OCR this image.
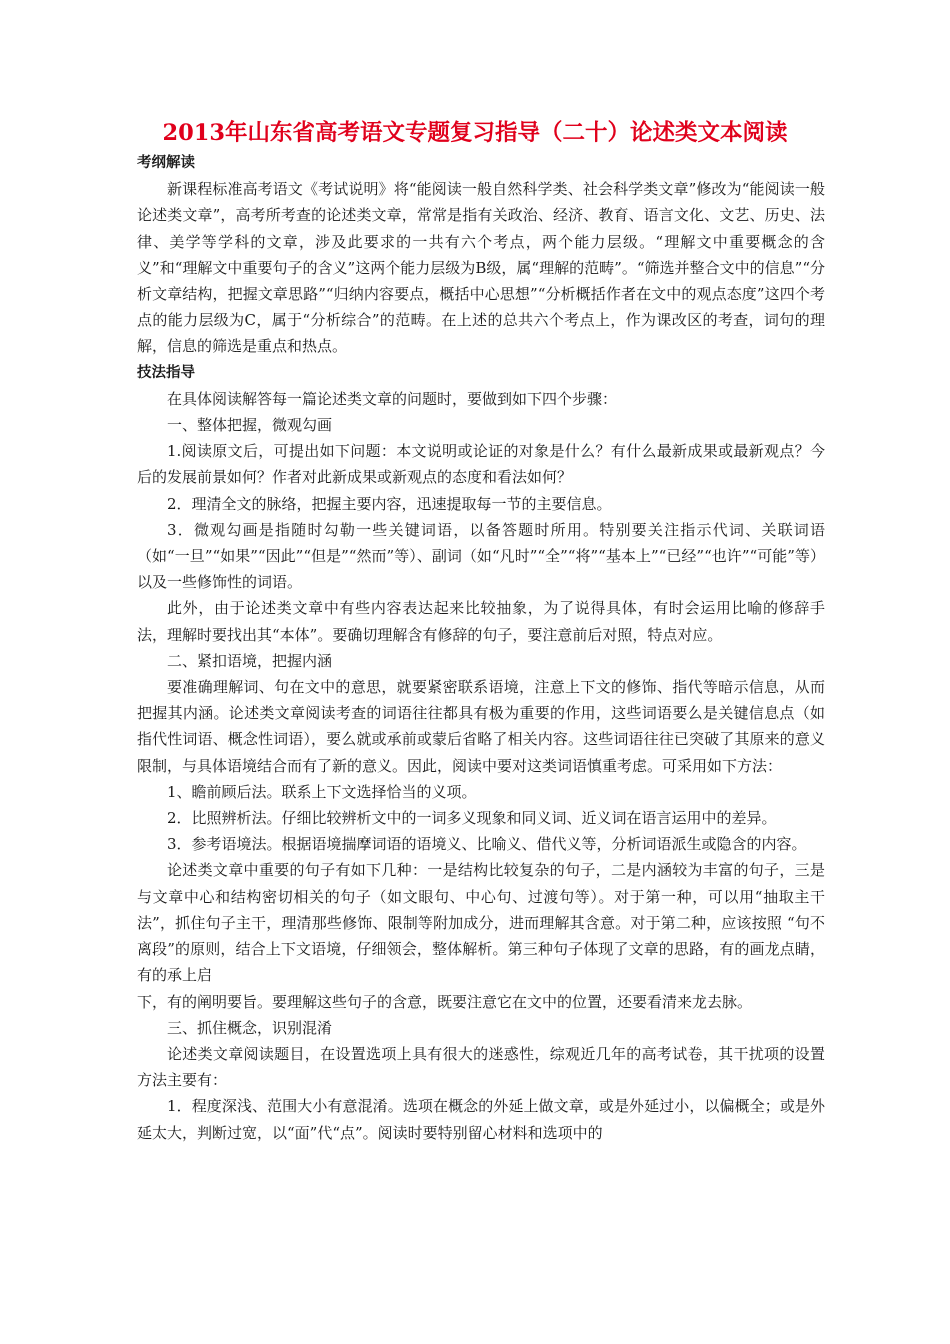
2013年山东省高考语文专题复习指导（二十）论述类文本阅读

考纲解读

新课程标准高考语文《考试说明》将“能阅读一般自然科学类、社会科学类文章”修改为“能阅读一般论述类文章”，高考所考查的论述类文章，常常是指有关政治、经济、教育、语言文化、文艺、历史、法律、美学等学科的文章，涉及此要求的一共有六个考点，两个能力层级。“理解文中重要概念的含义”和“理解文中重要句子的含义”这两个能力层级为B级，属“理解的范畴”。“筛选并整合文中的信息”“分析文章结构，把握文章思路”“归纳内容要点，概括中心思想”“分析概括作者在文中的观点态度”这四个考点的能力层级为C，属于“分析综合”的范畴。在上述的总共六个考点上，作为课改区的考查，词句的理解，信息的筛选是重点和热点。

技法指导

在具体阅读解答每一篇论述类文章的问题时，要做到如下四个步骤：

一、整体把握，微观勾画

1.阅读原文后，可提出如下问题：本文说明或论证的对象是什么？有什么最新成果或最新观点？今后的发展前景如何？作者对此新成果或新观点的态度和看法如何？

2．理清全文的脉络，把握主要内容，迅速提取每一节的主要信息。

3．微观勾画是指随时勾勒一些关键词语，以备答题时所用。特别要关注指示代词、关联词语（如“一旦”“如果”“因此”“但是”“然而”等）、副词（如“凡时”“全”“将”“基本上”“已经”“也许”“可能”等）以及一些修饰性的词语。

此外，由于论述类文章中有些内容表达起来比较抽象，为了说得具体，有时会运用比喻的修辞手法，理解时要找出其“本体”。要确切理解含有修辞的句子，要注意前后对照，特点对应。

二、紧扣语境，把握内涵

要准确理解词、句在文中的意思，就要紧密联系语境，注意上下文的修饰、指代等暗示信息，从而把握其内涵。论述类文章阅读考查的词语往往都具有极为重要的作用，这些词语要么是关键信息点（如指代性词语、概念性词语），要么就或承前或蒙后省略了相关内容。这些词语往往已突破了其原来的意义限制，与具体语境结合而有了新的意义。因此，阅读中要对这类词语慎重考虑。可采用如下方法：

1、瞻前顾后法。联系上下文选择恰当的义项。

2．比照辨析法。仔细比较辨析文中的一词多义现象和同义词、近义词在语言运用中的差异。

3．参考语境法。根据语境揣摩词语的语境义、比喻义、借代义等，分析词语派生或隐含的内容。

论述类文章中重要的句子有如下几种：一是结构比较复杂的句子，二是内涵较为丰富的句子，三是与文章中心和结构密切相关的句子（如文眼句、中心句、过渡句等）。对于第一种，可以用“抽取主干法”，抓住句子主干，理清那些修饰、限制等附加成分，进而理解其含意。对于第二种，应该按照 “句不离段”的原则，结合上下文语境，仔细领会，整体解析。第三种句子体现了文章的思路，有的画龙点睛，有的承上启

下，有的阐明要旨。要理解这些句子的含意，既要注意它在文中的位置，还要看清来龙去脉。

三、抓住概念，识别混淆

论述类文章阅读题目，在设置选项上具有很大的迷惑性，综观近几年的高考试卷，其干扰项的设置方法主要有：

1．程度深浅、范围大小有意混淆。选项在概念的外延上做文章，或是外延过小，以偏概全；或是外延太大，判断过宽，以“面”代“点”。阅读时要特别留心材料和选项中的
